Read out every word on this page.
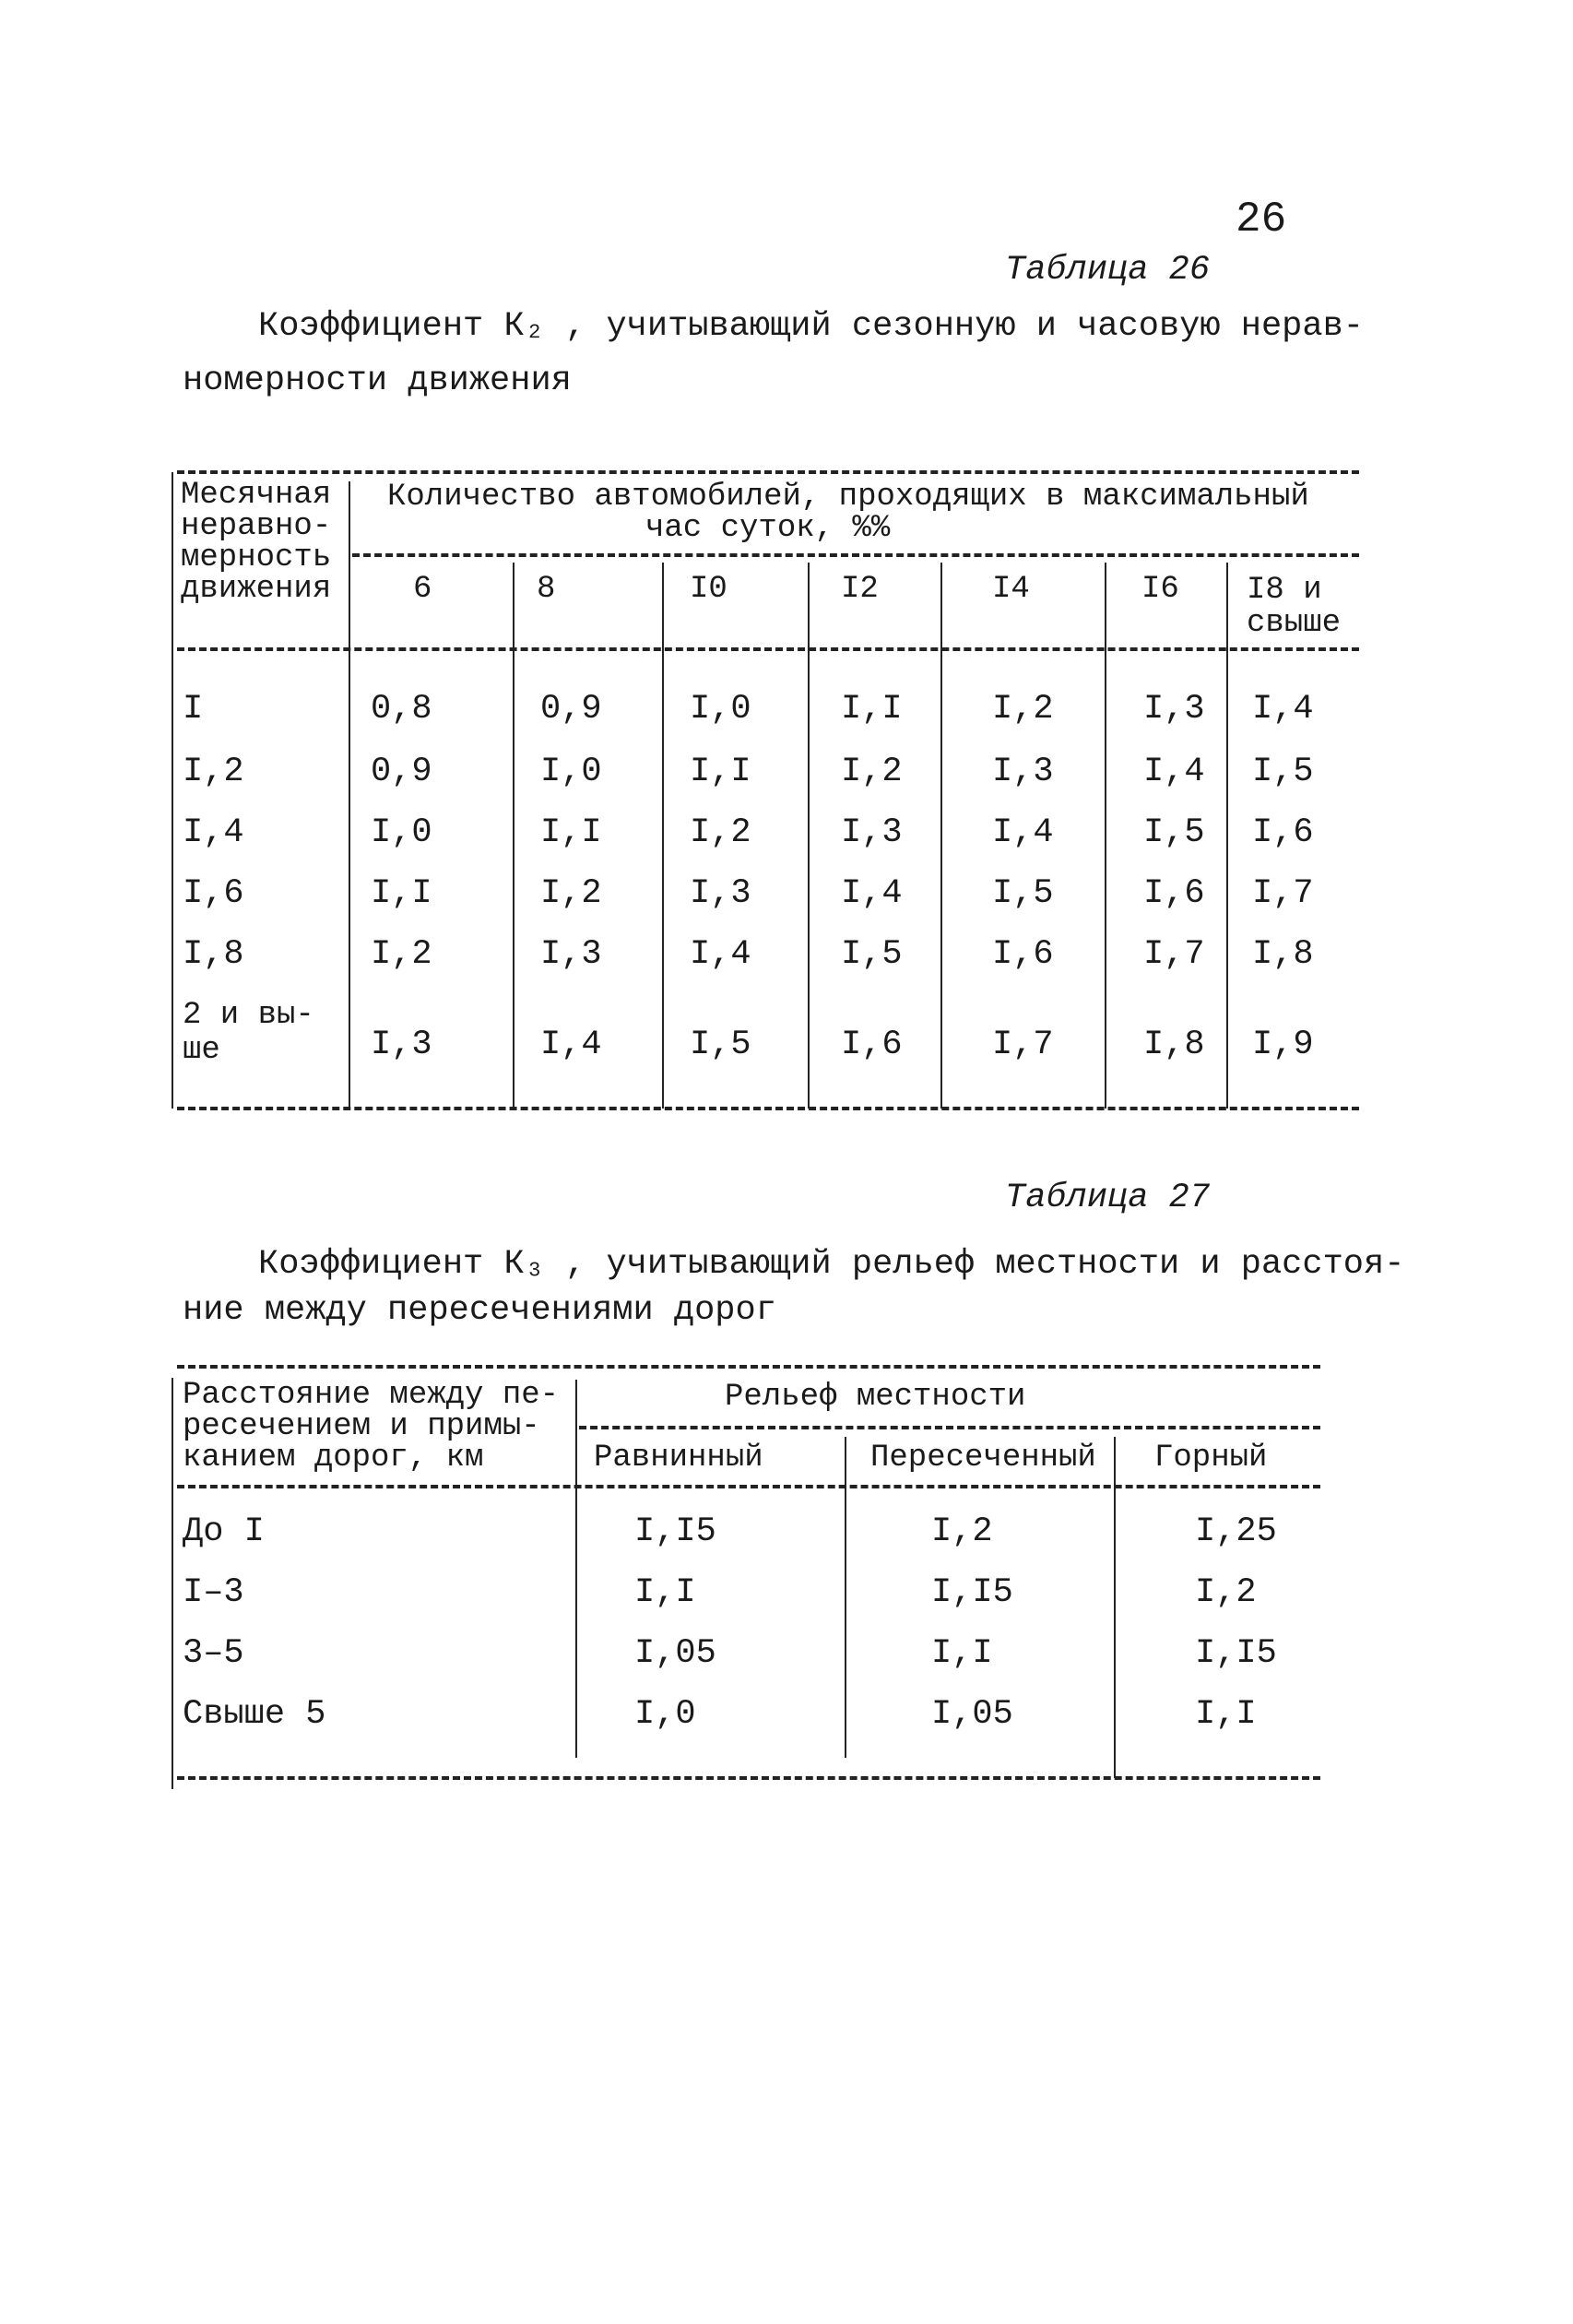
26
Таблица 26
Коэффициент К₂ , учитывающий сезонную и часовую нерав-
номерности движения
Месячная
неравно-
мерность
движения
Количество автомобилей, проходящих в максимальный
час суток, %%
6	8	I0	I2	I4	I6 I8 и свыше
I	0,8	0,9	I,0	I,I	I,2	I,3 I,4
I,2	0,9	I,0	I,I	I,2	I,3	I,4 I,5
I,4	I,0	I,I	I,2	I,3	I,4	I,5 I,6
I,6	I,I	I,2	I,3	I,4	I,5	I,6 I,7
I,8	I,2	I,3	I,4	I,5	I,6	I,7 I,8
2 и вы-ше	I,3	I,4	I,5	I,6	I,7	I,8 I,9
Таблица 27
Коэффициент К₃ , учитывающий рельеф местности и расстоя-
ние между пересечениями дорог
Расстояние между пе-
ресечением и примы-
канием дорог, км
Рельеф местности
Равнинный	Пересеченный Горный
До I	I,I5	I,2	I,25
I–3	I,I	I,I5	I,2
3–5	I,05	I,I	I,I5
Свыше 5	I,0	I,05	I,I
